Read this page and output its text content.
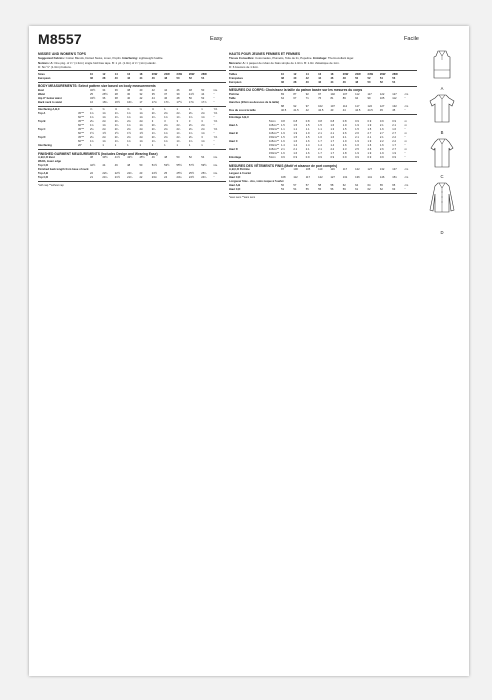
M8557	Easy	Facile
MISSES' AND WOMEN'S TOPS

Suggested Fabrics: Cotton Blends, Dotted Swiss, Linen, Poplin. Interfacing: Lightweight fusible.

Notions: A: One pkg. of ¼" (1.3cm) single fold bias tape. B: 1 yd. (1.0m) of ¼" (1cm) elastic.

D: Six ½" (1.3cm) buttons.

Sizes		10	12	14	16	18	20W	22W	24W	26W	28W	
European		36	38	40	42	44	46	48	50	52	54	
BODY MEASUREMENTS: Select pattern size based on body measurements
Bust		32½	34	36	38	40	42	44	46	48	50	ins.
Waist		25	26½	28	30	32	35	37	39	41½	44	"
Hip 9" below waist		34½	36	38	40	42	44	46	48	50	52	"
Back neck to waist		16	16¼	16½	16¾	17	17¼	17¾	17½	17¾	17⅞	"
Interfacing A,B,C		⅝	⅝	⅝	⅝	⅝	⅝	1	1	1	1	Yd.
Top A	45"**	1¾	1¾	1¾	1¾	1¾	2¼	2¼	2¼	2¼	2¼	Yd.
	60"**	1¾	1¾	1¾	1¾	1¾	1¾	1¾	1¾	1¾	1¾	"
Top B	45"**	2¼	2¼	2¼	2¼	2¼	3	3	3	3	3	Yd.
	60"**	1¾	1¾	1¾	1¾	1¾	2¼	2¼	2¼	2¼	2¼	"
Top C	45"**	2¼	2¼	2¼	2¼	2¼	2¼	2¼	2¼	2¼	2¼	Yd.
	60"**	1½	1½	1½	1½	1½	1¾	1¾	1¾	1¾	1¾	"
Top D	45"**	2¼	2¼	2¼	2¼	2¼	2¼	2¼	2¼	2¼	3	Yd.
	60"**	1¾	1¾	1¾	1¾	1¾	1¾	1¾	1¾	1¾	1¾	"
Interfacing	20"	1	1	1	1	1	1	1	1	1	1	"
FINISHED GARMENT MEASUREMENTS (Includes Design and Wearing Ease)
A,B,C,D Bust		38	39½	41½	43½	45½	46	48	50	52	54	ins.
Width, lower edge												
Top C,D		42½	44	46	48	50	51½	53½	55½	57½	59½	ins.
Finished back length from base of neck												
Top A,B		22	22¼	22½	22¾	23	24½	25	25½	25½	25¾	ins.
Top C,D		21	21¼	21½	21¾	22	23¼	24	24¼	24½	24¾	"
*with nap **without nap
HAUTS POUR JEUNES FEMMES ET FEMMES

Tissus Conseillés: Cotonnades, Plumetis, Toile de lin, Popeline. Entoilage: Thermocollant léger.

Mercerie: A: 1 paquet de ruban de biais simple de 1.3cm. B: 1.0m d'élastique de 1cm.

D: 6 boutons de 1.3cm.

Tailles		10	12	14	16	18	20W	22W	24W	26W	28W	
Françaises		38	40	42	44	46	48	50	52	54	56	
Européen		36	38	40	42	44	46	48	50	52	54	
MESURES DU CORPS: Choisissez la taille du patron basée sur les mesures du corps
Poitrine		83	87	92	97	102	107	112	117	122	127	cm
Taille		64	67	71	76	81	89	94	99	105	112	"
Hanches (23cm au-dessous de la taille)												
		88	92	97	102	107	112	117	122	127	132	cm
Dos du cou à la taille		40.5	41.5	42	42.5	43	44	44.5	44.5	45	45	"
Entoilage A,B,C												
	51cm	0.8	0.8	0.8	0.8	0.8	0.8	0.9	0.9	0.9	0.9	m
Haut A	115cm**	1.5	1.5	1.5	1.5	1.6	1.9	1.9	1.9	2.1	2.1	m
	150cm**	1.1	1.1	1.1	1.1	1.3	1.5	1.5	1.5	1.6	1.6	"
Haut B	115cm**	1.9	1.9	1.9	2.1	2.1	2.6	2.6	2.7	2.7	2.7	m
	150cm**	1.5	1.5	1.5	1.6	1.6	2.1	2.1	2.1	2.1	2.2	"
Haut C	115cm**	1.6	1.6	1.6	1.7	1.7	1.9	1.9	1.9	2.2	2.2	m
	150cm**	1.4	1.4	1.4	1.4	1.4	1.6	1.6	1.6	1.6	1.7	"
Haut D	115cm**	2.1	2.1	2.1	2.1	2.2	2.3	2.5	2.6	2.6	2.7	m
	150cm**	1.6	1.6	1.6	1.7	1.7	1.8	1.9	1.9	1.9	1.9	"
Entoilage	51cm	0.9	0.9	0.9	0.9	0.9	0.9	0.9	0.9	0.9	0.9	"
MESURES DES VÊTEMENTS FINIS (Motif et aisance de port compris)
A,B,C,D Poitrine		97	100	105	110	116	117	122	127	132	137	cm
Largeur à l'ourlet												
Haut C,D		108	112	117	122	127	131	136	141	146	151	cm
Longueur finie - dos, votre nuque à l'ourlet												
Haut A,B		56	57	57	58	58	62	64	64	65	65	cm
Haut C,D		53	54	55	55	56	59	61	62	62	63	"
*avec sens **sans sens
A
B
C
D
